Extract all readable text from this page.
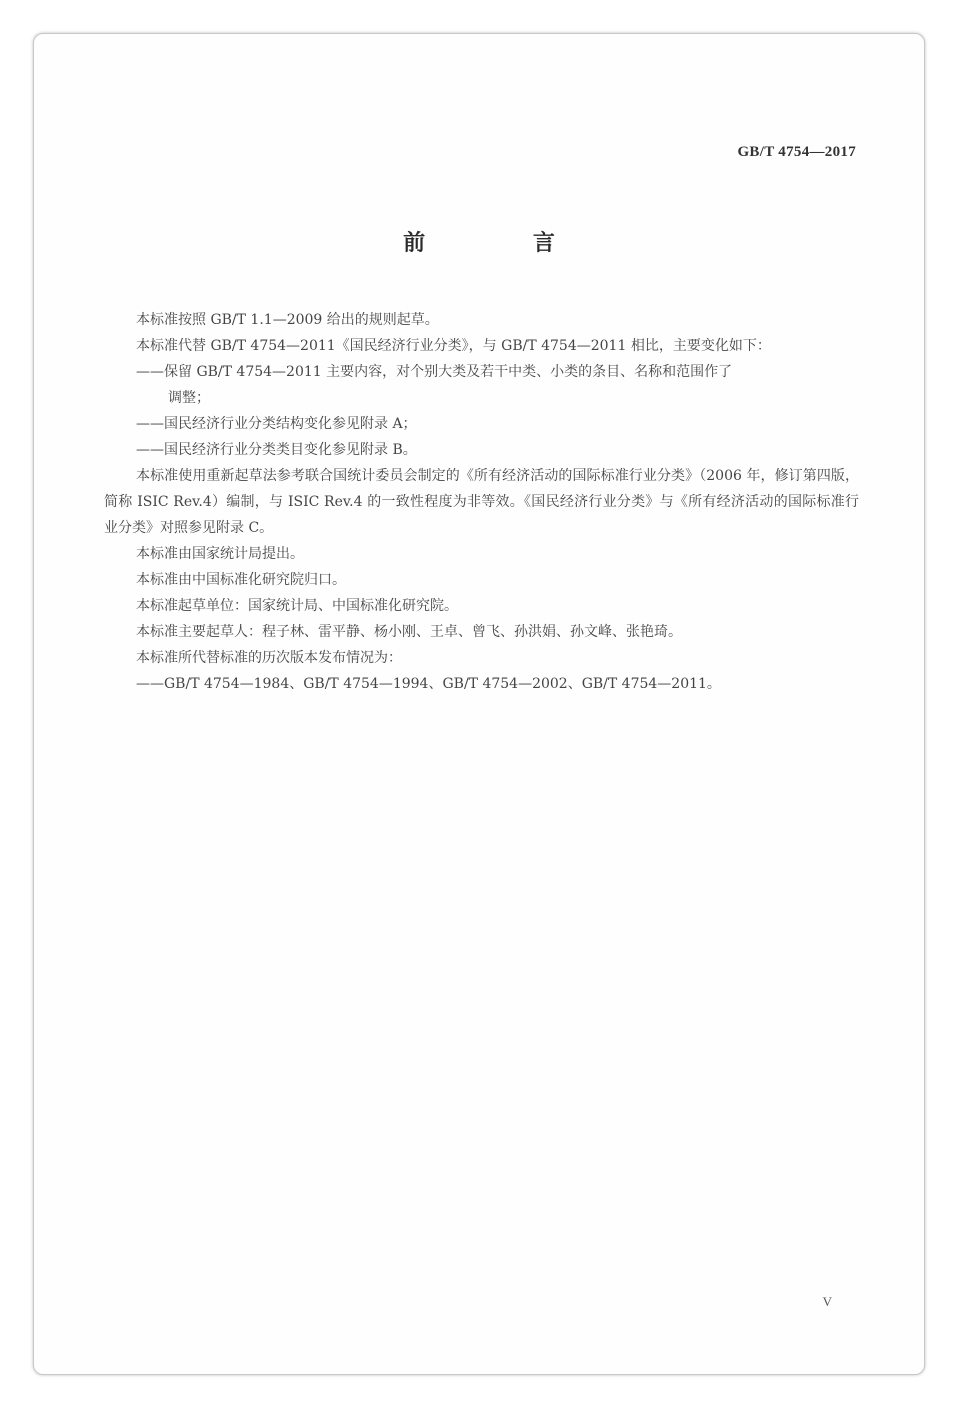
GB/T 4754—2017
前 言

本标准按照 GB/T 1.1—2009 给出的规则起草。

本标准代替 GB/T 4754—2011《国民经济行业分类》，与 GB/T 4754—2011 相比，主要变化如下：

——保留 GB/T 4754—2011 主要内容，对个别大类及若干中类、小类的条目、名称和范围作了
调整；

——国民经济行业分类结构变化参见附录 A；

——国民经济行业分类类目变化参见附录 B。

本标准使用重新起草法参考联合国统计委员会制定的《所有经济活动的国际标准行业分类》（2006 年，修订第四版，简称 ISIC Rev.4）编制，与 ISIC Rev.4 的一致性程度为非等效。《国民经济行业分类》与《所有经济活动的国际标准行业分类》对照参见附录 C。

本标准由国家统计局提出。

本标准由中国标准化研究院归口。

本标准起草单位：国家统计局、中国标准化研究院。

本标准主要起草人：程子林、雷平静、杨小刚、王卓、曾飞、孙洪娟、孙文峰、张艳琦。

本标准所代替标准的历次版本发布情况为：

——GB/T 4754—1984、GB/T 4754—1994、GB/T 4754—2002、GB/T 4754—2011。

V
